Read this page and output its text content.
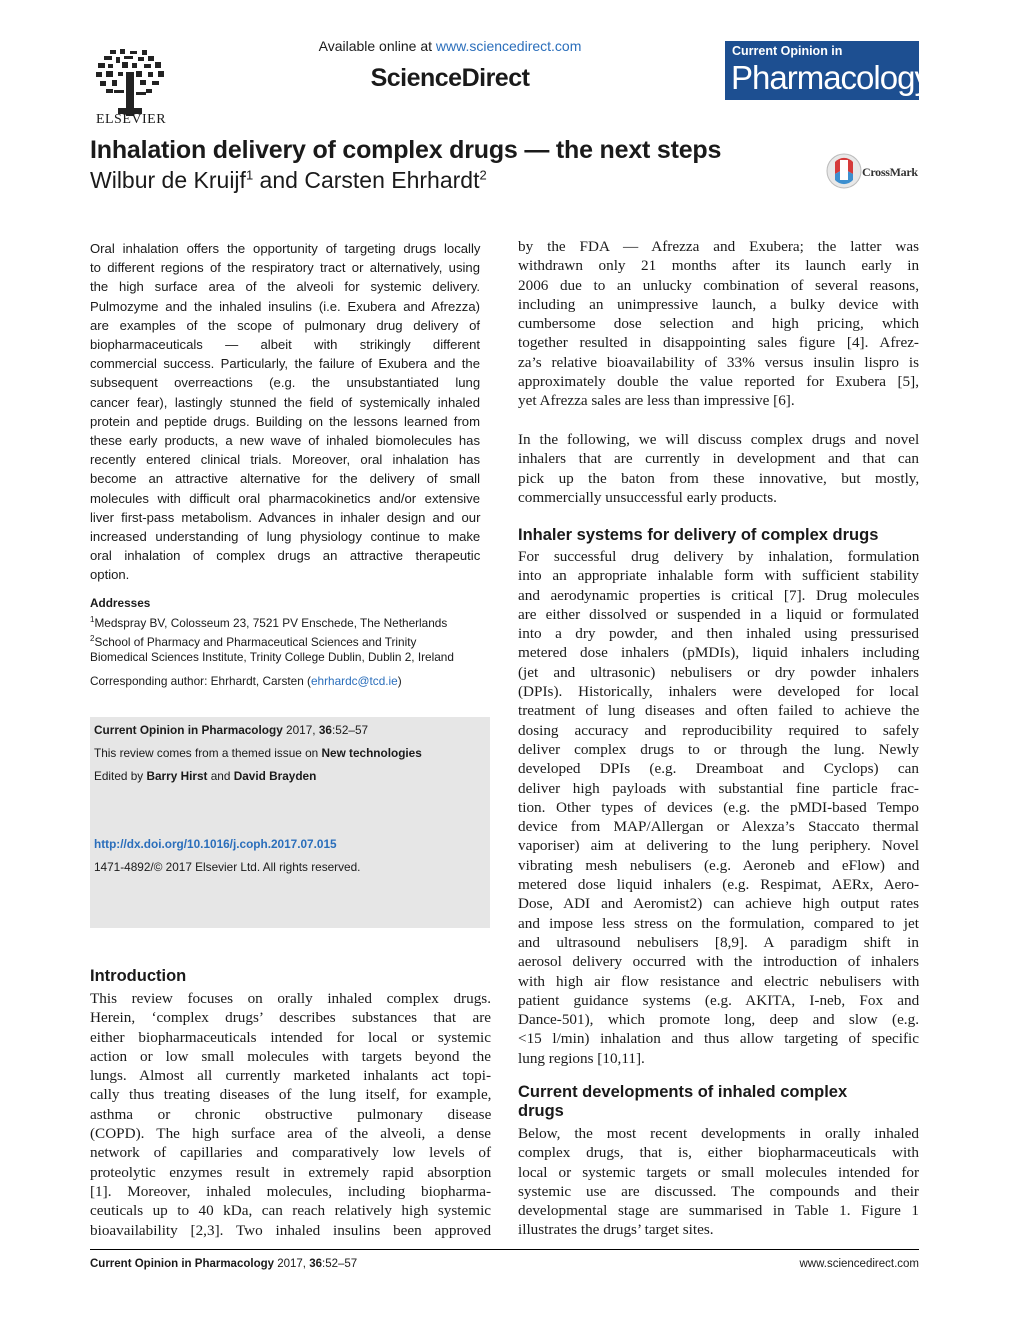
ELSEVIER
Available online at www.sciencedirect.com
ScienceDirect
Current Opinion in
Pharmacology
Inhalation delivery of complex drugs — the next steps
Wilbur de Kruijf$^1$ and Carsten Ehrhardt$^2$	CrossMark
Oral inhalation offers the opportunity of targeting drugs locally
to different regions of the respiratory tract or alternatively, using
the high surface area of the alveoli for systemic delivery.
Pulmozyme and the inhaled insulins (i.e. Exubera and Afrezza)
are examples of the scope of pulmonary drug delivery of
biopharmaceuticals — albeit with strikingly different
commercial success. Particularly, the failure of Exubera and the
subsequent overreactions (e.g. the unsubstantiated lung
cancer fear), lastingly stunned the field of systemically inhaled
protein and peptide drugs. Building on the lessons learned from
these early products, a new wave of inhaled biomolecules has
recently entered clinical trials. Moreover, oral inhalation has
become an attractive alternative for the delivery of small
molecules with difficult oral pharmacokinetics and/or extensive
liver first-pass metabolism. Advances in inhaler design and our
increased understanding of lung physiology continue to make
oral inhalation of complex drugs an attractive therapeutic
option.
Addresses
$^1$Medspray BV, Colosseum 23, 7521 PV Enschede, The Netherlands
$^2$School of Pharmacy and Pharmaceutical Sciences and Trinity
Biomedical Sciences Institute, Trinity College Dublin, Dublin 2, Ireland
Corresponding author: Ehrhardt, Carsten (ehrhardc@tcd.ie)
Current Opinion in Pharmacology 2017, 36:52–57
This review comes from a themed issue on New technologies
Edited by Barry Hirst and David Brayden
http://dx.doi.org/10.1016/j.coph.2017.07.015
1471-4892/© 2017 Elsevier Ltd. All rights reserved.
Introduction
This review focuses on orally inhaled complex drugs.
Herein, ‘complex drugs’ describes substances that are
either biopharmaceuticals intended for local or systemic
action or low small molecules with targets beyond the
lungs. Almost all currently marketed inhalants act topi-
cally thus treating diseases of the lung itself, for example,
asthma or chronic obstructive pulmonary disease
(COPD). The high surface area of the alveoli, a dense
network of capillaries and comparatively low levels of
proteolytic enzymes result in extremely rapid absorption
[1]. Moreover, inhaled molecules, including biopharma-
ceuticals up to 40 kDa, can reach relatively high systemic
bioavailability [2,3]. Two inhaled insulins been approved
by the FDA — Afrezza and Exubera; the latter was
withdrawn only 21 months after its launch early in
2006 due to an unlucky combination of several reasons,
including an unimpressive launch, a bulky device with
cumbersome dose selection and high pricing, which
together resulted in disappointing sales figure [4]. Afrez-
za’s relative bioavailability of 33% versus insulin lispro is
approximately double the value reported for Exubera [5],
yet Afrezza sales are less than impressive [6].
In the following, we will discuss complex drugs and novel
inhalers that are currently in development and that can
pick up the baton from these innovative, but mostly,
commercially unsuccessful early products.
Inhaler systems for delivery of complex drugs
For successful drug delivery by inhalation, formulation
into an appropriate inhalable form with sufficient stability
and aerodynamic properties is critical [7]. Drug molecules
are either dissolved or suspended in a liquid or formulated
into a dry powder, and then inhaled using pressurised
metered dose inhalers (pMDIs), liquid inhalers including
(jet and ultrasonic) nebulisers or dry powder inhalers
(DPIs). Historically, inhalers were developed for local
treatment of lung diseases and often failed to achieve the
dosing accuracy and reproducibility required to safely
deliver complex drugs to or through the lung. Newly
developed DPIs (e.g. Dreamboat and Cyclops) can
deliver high payloads with substantial fine particle frac-
tion. Other types of devices (e.g. the pMDI-based Tempo
device from MAP/Allergan or Alexza’s Staccato thermal
vaporiser) aim at delivering to the lung periphery. Novel
vibrating mesh nebulisers (e.g. Aeroneb and eFlow) and
metered dose liquid inhalers (e.g. Respimat, AERx, Aero-
Dose, ADI and Aeromist2) can achieve high output rates
and impose less stress on the formulation, compared to jet
and ultrasound nebulisers [8,9]. A paradigm shift in
aerosol delivery occurred with the introduction of inhalers
with high air flow resistance and electric nebulisers with
patient guidance systems (e.g. AKITA, I-neb, Fox and
Dance-501), which promote long, deep and slow (e.g.
<15 l/min) inhalation and thus allow targeting of specific
lung regions [10,11].
Current developments of inhaled complex
drugs
Below, the most recent developments in orally inhaled
complex drugs, that is, either biopharmaceuticals with
local or systemic targets or small molecules intended for
systemic use are discussed. The compounds and their
developmental stage are summarised in Table 1. Figure 1
illustrates the drugs’ target sites.
Current Opinion in Pharmacology 2017, 36:52–57	www.sciencedirect.com
